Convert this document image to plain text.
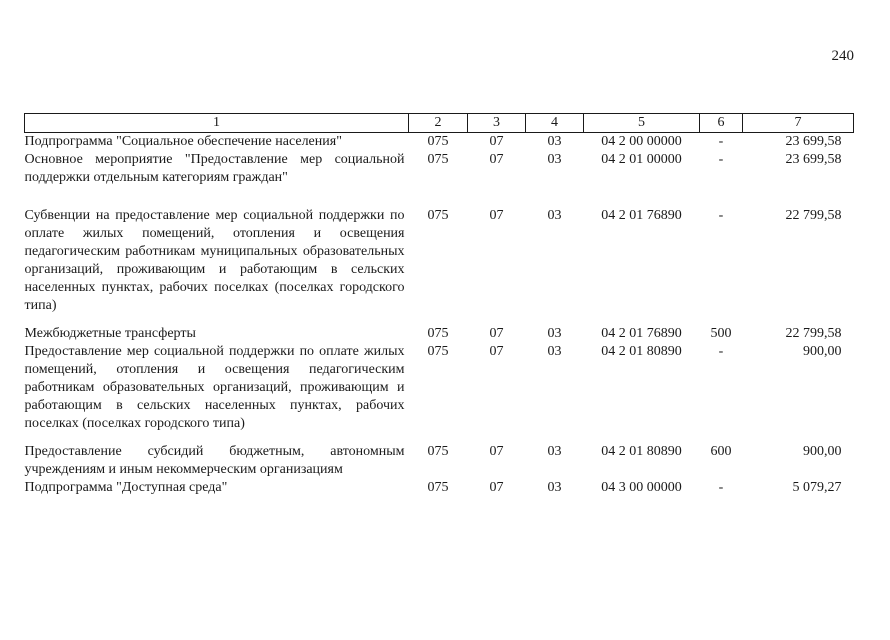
240
1	2	3	4	5	6	7
Подпрограмма "Социальное обеспечение населения"	075	07	03	04 2 00 00000	-	23 699,58
Основное мероприятие "Предоставление мер социальной поддержки отдельным категориям граждан"	075	07	03	04 2 01 00000	-	23 699,58

Субвенции на предоставление мер социальной поддержки по оплате жилых помещений, отопления и освещения педагогическим работникам муниципальных образовательных организаций, проживающим и работающим в сельских населенных пунктах, рабочих поселках (поселках городского типа)	075	07	03	04 2 01 76890	-	22 799,58

Межбюджетные трансферты	075	07	03	04 2 01 76890	500	22 799,58
Предоставление мер социальной поддержки по оплате жилых помещений, отопления и освещения педагогическим работникам образовательных организаций, проживающим и работающим в сельских населенных пунктах, рабочих поселках (поселках городского типа)	075	07	03	04 2 01 80890	-	900,00

Предоставление субсидий бюджетным, автономным учреждениям и иным некоммерческим организациям	075	07	03	04 2 01 80890	600	900,00
Подпрограмма "Доступная среда"	075	07	03	04 3 00 00000	-	5 079,27
